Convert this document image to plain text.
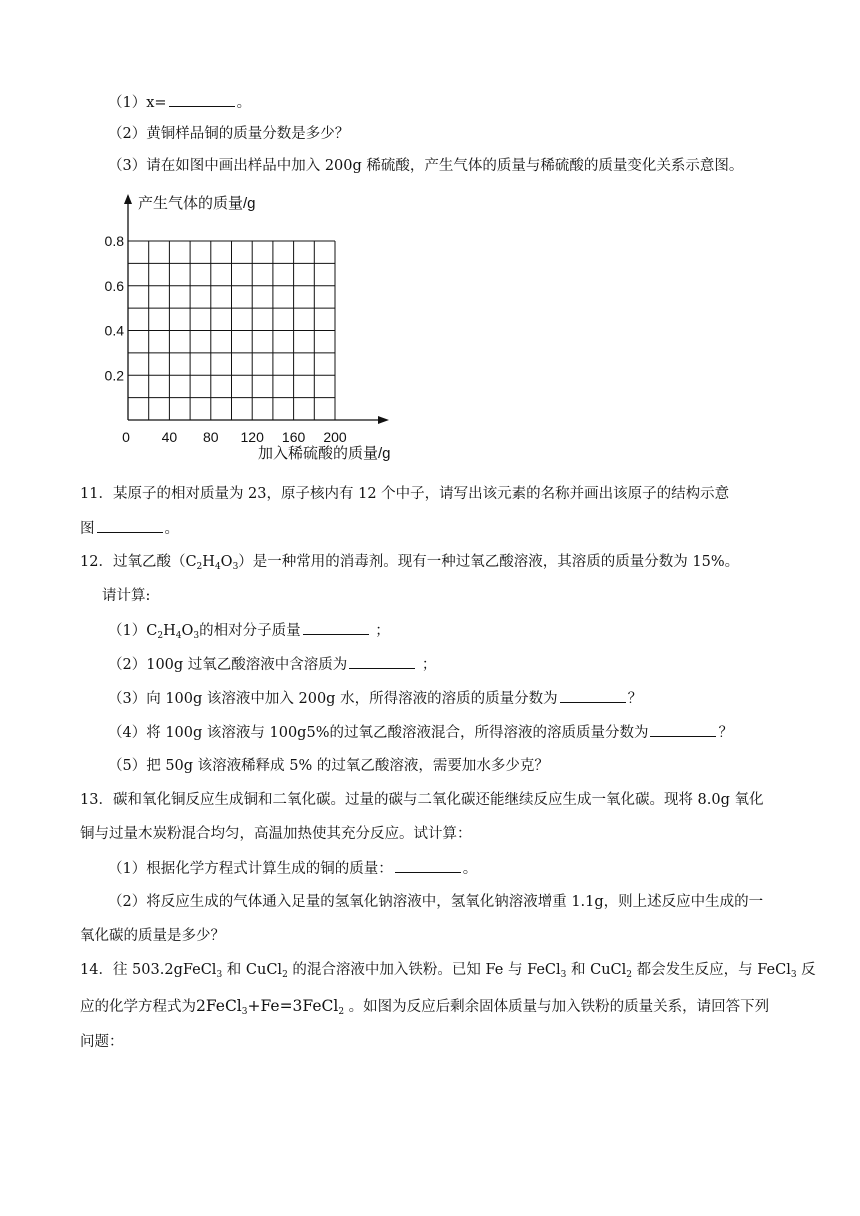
（1）x=	。
（2）黄铜样品铜的质量分数是多少？
（3）请在如图中画出样品中加入 200g 稀硫酸，产生气体的质量与稀硫酸的质量变化关系示意图。
0 40 80 120 160 200
0.8
0.6
0.4
0.2
产生气体的质量/g
加入稀硫酸的质量/g
11．某原子的相对质量为 23，原子核内有 12 个中子，请写出该元素的名称并画出该原子的结构示意
图	。
12．过氧乙酸$(C_2H_4O_3)$是一种常用的消毒剂。现有一种过氧乙酸溶液，其溶质的质量分数为 15%。
请计算:
$(1)C_2H_4O_3$的相对分子质量	；
（2）100g 过氧乙酸溶液中含溶质为	；
（3）向 100g 该溶液中加入 200g 水，所得溶液的溶质的质量分数为	？
（4）将 100g 该溶液与 100g5%的过氧乙酸溶液混合，所得溶液的溶质质量分数为	？
（5）把 50g 该溶液稀释成 5% 的过氧乙酸溶液，需要加水多少克？
13．碳和氧化铜反应生成铜和二氧化碳。过量的碳与二氧化碳还能继续反应生成一氧化碳。现将 8.0g 氧化
铜与过量木炭粉混合均匀，高温加热使其充分反应。试计算：
（1）根据化学方程式计算生成的铜的质量：	。
（2）将反应生成的气体通入足量的氢氧化钠溶液中，氢氧化钠溶液增重 1.1g，则上述反应中生成的一
氧化碳的质量是多少？
14．往 503.2gFeCl$_3$ 和 CuCl$_2$ 的混合溶液中加入铁粉。已知 Fe 与 FeCl$_3$ 和 CuCl$_2$ 都会发生反应，与 FeCl$_3$ 反
应的化学方程式为2FeCl$_3$+Fe=3FeCl$_2$ 。如图为反应后剩余固体质量与加入铁粉的质量关系，请回答下列
问题：
